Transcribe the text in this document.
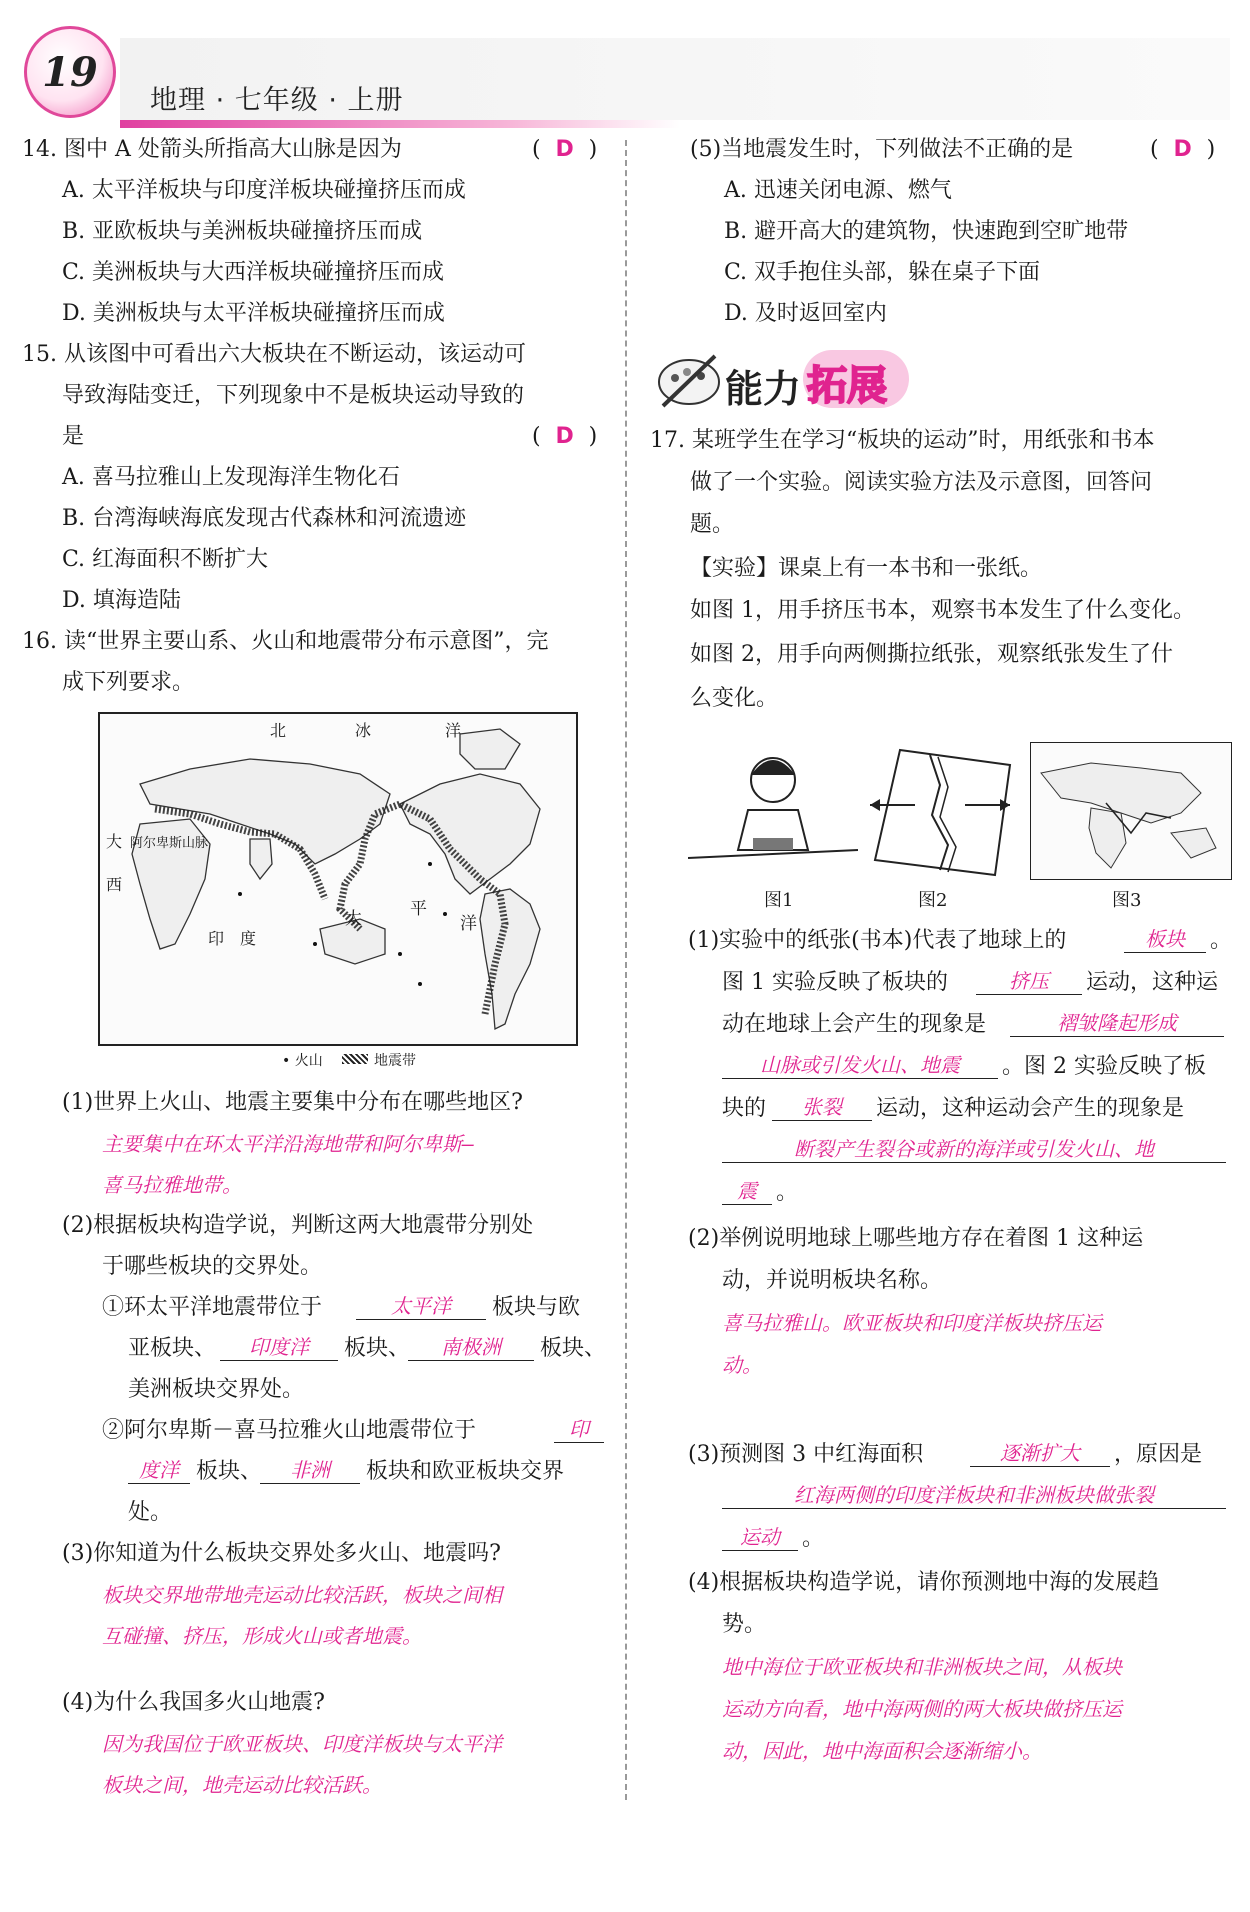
19
地理 · 七年级 · 上册
14. 图中 A 处箭头所指高大山脉是因为	( D )
A. 太平洋板块与印度洋板块碰撞挤压而成
B. 亚欧板块与美洲板块碰撞挤压而成
C. 美洲板块与大西洋板块碰撞挤压而成
D. 美洲板块与太平洋板块碰撞挤压而成
15. 从该图中可看出六大板块在不断运动，该运动可
导致海陆变迁，下列现象中不是板块运动导致的
是	( D )
A. 喜马拉雅山上发现海洋生物化石
B. 台湾海峡海底发现古代森林和河流遗迹
C. 红海面积不断扩大
D. 填海造陆
16. 读“世界主要山系、火山和地震带分布示意图”，完
成下列要求。
北	冰	洋
阿尔卑斯山脉
太	平
洋
印 度
西
大
• 火山	地震带
(1)世界上火山、地震主要集中分布在哪些地区?
主要集中在环太平洋沿海地带和阿尔卑斯—
喜马拉雅地带。
(2)根据板块构造学说，判断这两大地震带分别处
于哪些板块的交界处。
①环太平洋地震带位于	太平洋	板块与欧
亚板块、	印度洋	板块、	南极洲	板块、
美洲板块交界处。
②阿尔卑斯－喜马拉雅火山地震带位于	印
度洋 板块、	非洲	板块和欧亚板块交界
处。
(3)你知道为什么板块交界处多火山、地震吗?
板块交界地带地壳运动比较活跃，板块之间相
互碰撞、挤压，形成火山或者地震。
(4)为什么我国多火山地震?
因为我国位于欧亚板块、印度洋板块与太平洋
板块之间，地壳运动比较活跃。
(5)当地震发生时，下列做法不正确的是	( D )
A. 迅速关闭电源、燃气
B. 避开高大的建筑物，快速跑到空旷地带
C. 双手抱住头部，躲在桌子下面
D. 及时返回室内
能力 拓展
17. 某班学生在学习“板块的运动”时，用纸张和书本
做了一个实验。阅读实验方法及示意图，回答问
题。
【实验】课桌上有一本书和一张纸。
如图 1，用手挤压书本，观察书本发生了什么变化。
如图 2，用手向两侧撕拉纸张，观察纸张发生了什
么变化。
图1	图2	图3
(1)实验中的纸张(书本)代表了地球上的	板块	。
图 1 实验反映了板块的	挤压	运动，这种运
动在地球上会产生的现象是	褶皱隆起形成
山脉或引发火山、地震	。图 2 实验反映了板
块的	张裂	运动，这种运动会产生的现象是
断裂产生裂谷或新的海洋或引发火山、地
震 。
(2)举例说明地球上哪些地方存在着图 1 这种运
动，并说明板块名称。
喜马拉雅山。欧亚板块和印度洋板块挤压运
动。
(3)预测图 3 中红海面积	逐渐扩大	，原因是
红海两侧的印度洋板块和非洲板块做张裂
运动	。
(4)根据板块构造学说，请你预测地中海的发展趋
势。
地中海位于欧亚板块和非洲板块之间，从板块
运动方向看，地中海两侧的两大板块做挤压运
动，因此，地中海面积会逐渐缩小。
